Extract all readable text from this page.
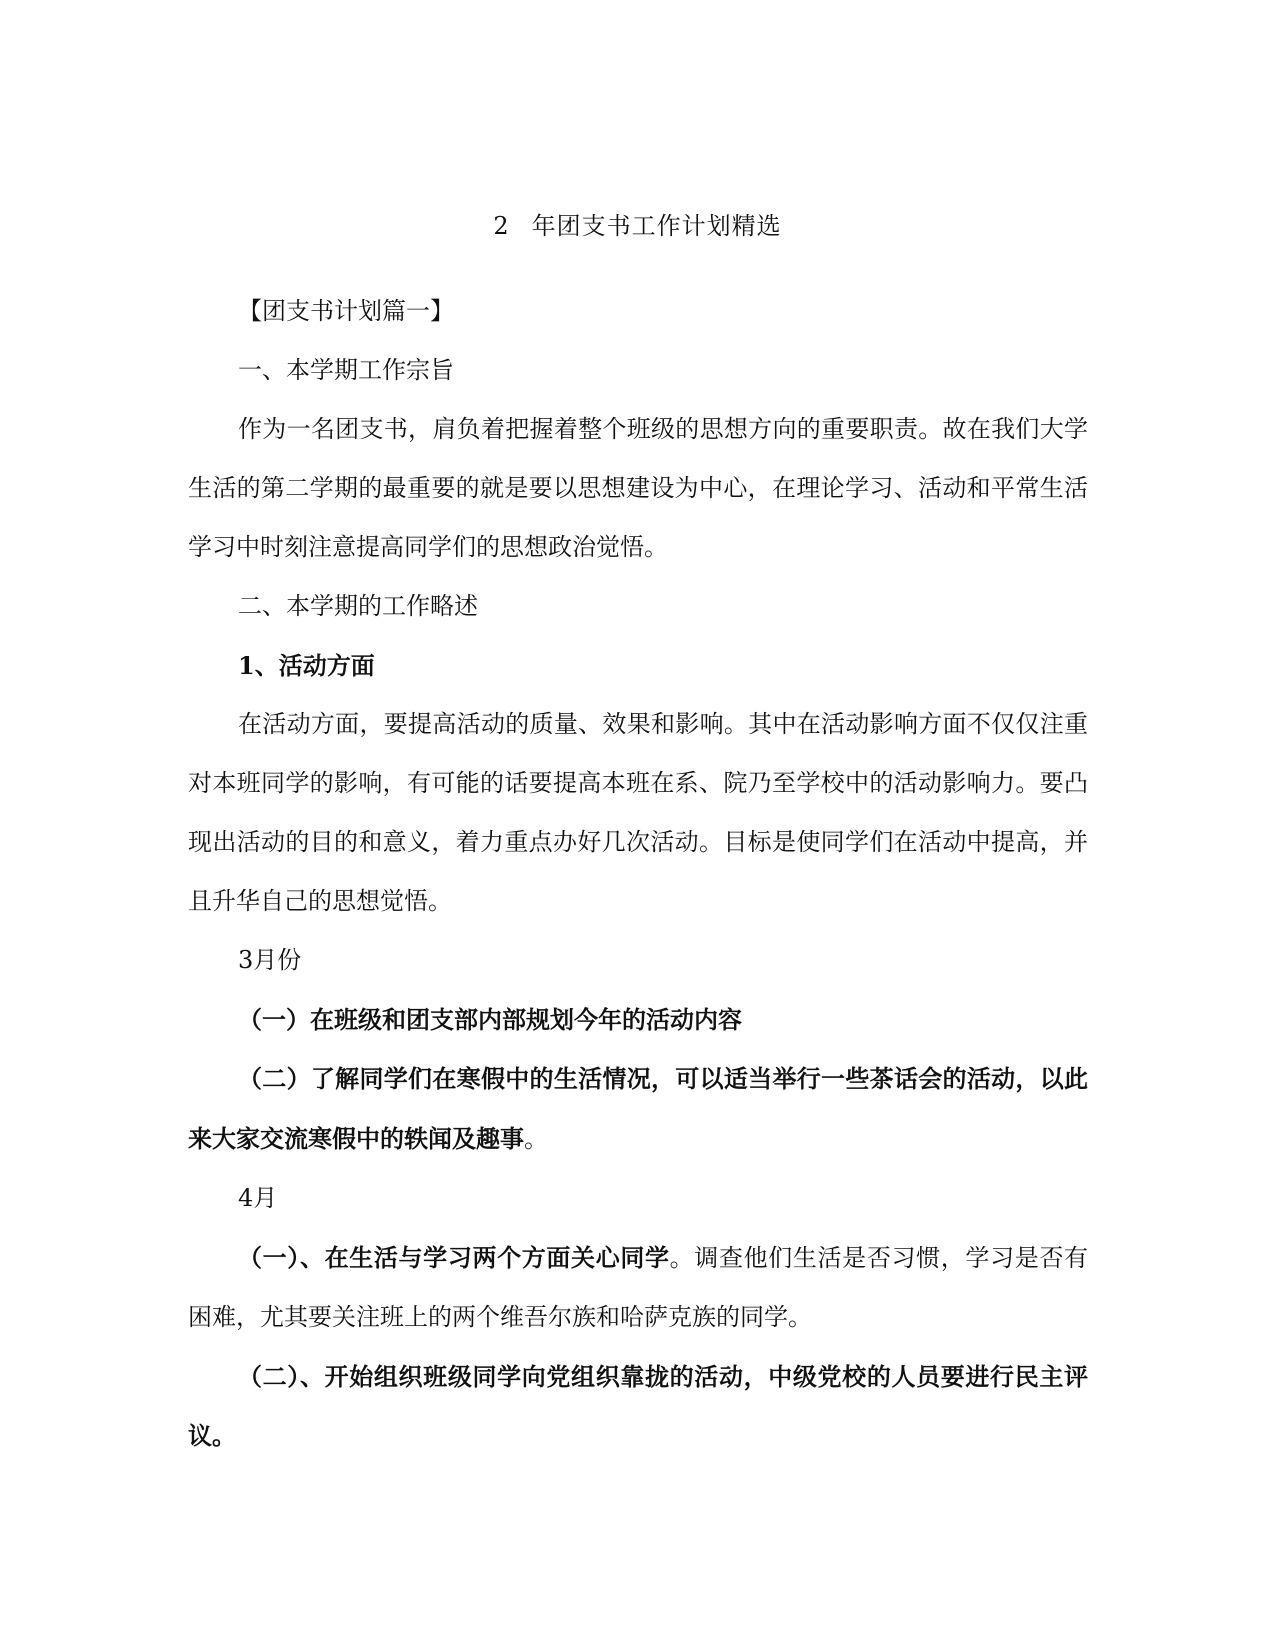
2 年团支书工作计划精选

【团支书计划篇一】

一、本学期工作宗旨

作为一名团支书，肩负着把握着整个班级的思想方向的重要职责。故在我们大学生活的第二学期的最重要的就是要以思想建设为中心，在理论学习、活动和平常生活学习中时刻注意提高同学们的思想政治觉悟。

二、本学期的工作略述

1、活动方面

在活动方面，要提高活动的质量、效果和影响。其中在活动影响方面不仅仅注重对本班同学的影响，有可能的话要提高本班在系、院乃至学校中的活动影响力。要凸现出活动的目的和意义，着力重点办好几次活动。目标是使同学们在活动中提高，并且升华自己的思想觉悟。

3月份

（一）在班级和团支部内部规划今年的活动内容

（二）了解同学们在寒假中的生活情况，可以适当举行一些茶话会的活动，以此来大家交流寒假中的轶闻及趣事。

4月

（一）、在生活与学习两个方面关心同学。调查他们生活是否习惯，学习是否有困难，尤其要关注班上的两个维吾尔族和哈萨克族的同学。

（二）、开始组织班级同学向党组织靠拢的活动，中级党校的人员要进行民主评议。
